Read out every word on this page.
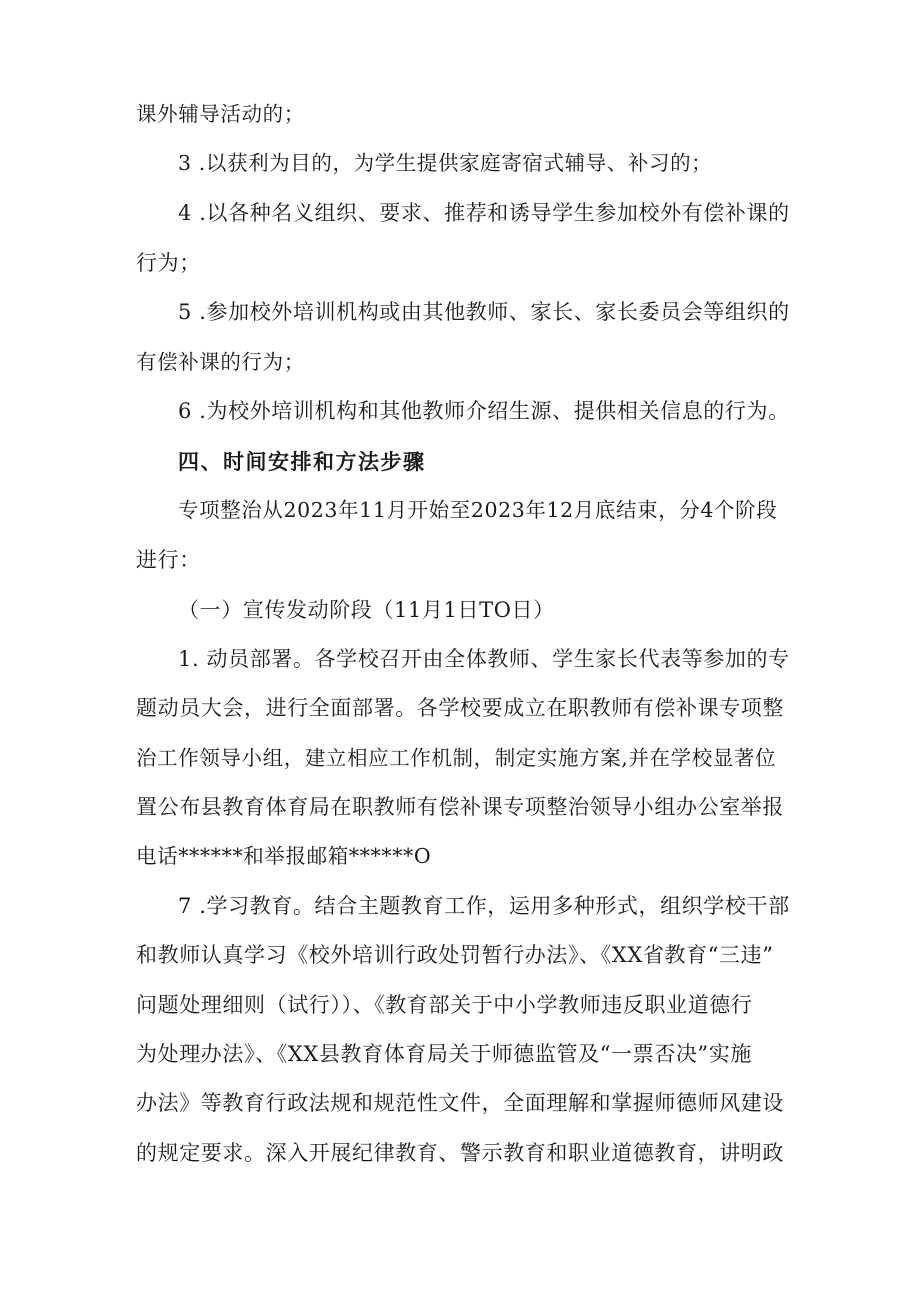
课外辅导活动的；
3 .以获利为目的，为学生提供家庭寄宿式辅导、补习的；
4 .以各种名义组织、要求、推荐和诱导学生参加校外有偿补课的
行为；
5 .参加校外培训机构或由其他教师、家长、家长委员会等组织的
有偿补课的行为；
6 .为校外培训机构和其他教师介绍生源、提供相关信息的行为。
四、时间安排和方法步骤
专项整治从2023年11月开始至2023年12月底结束，分4个阶段
进行：
（一）宣传发动阶段（11月1日TO日）
1. 动员部署。各学校召开由全体教师、学生家长代表等参加的专
题动员大会，进行全面部署。各学校要成立在职教师有偿补课专项整
治工作领导小组，建立相应工作机制，制定实施方案,并在学校显著位
置公布县教育体育局在职教师有偿补课专项整治领导小组办公室举报
电话******和举报邮箱******O
7 .学习教育。结合主题教育工作，运用多种形式，组织学校干部
和教师认真学习《校外培训行政处罚暂行办法》、《XX省教育“三违”
问题处理细则（试行））、《教育部关于中小学教师违反职业道德行
为处理办法》、《XX县教育体育局关于师德监管及“一票否决”实施
办法》等教育行政法规和规范性文件，全面理解和掌握师德师风建设
的规定要求。深入开展纪律教育、警示教育和职业道德教育，讲明政
